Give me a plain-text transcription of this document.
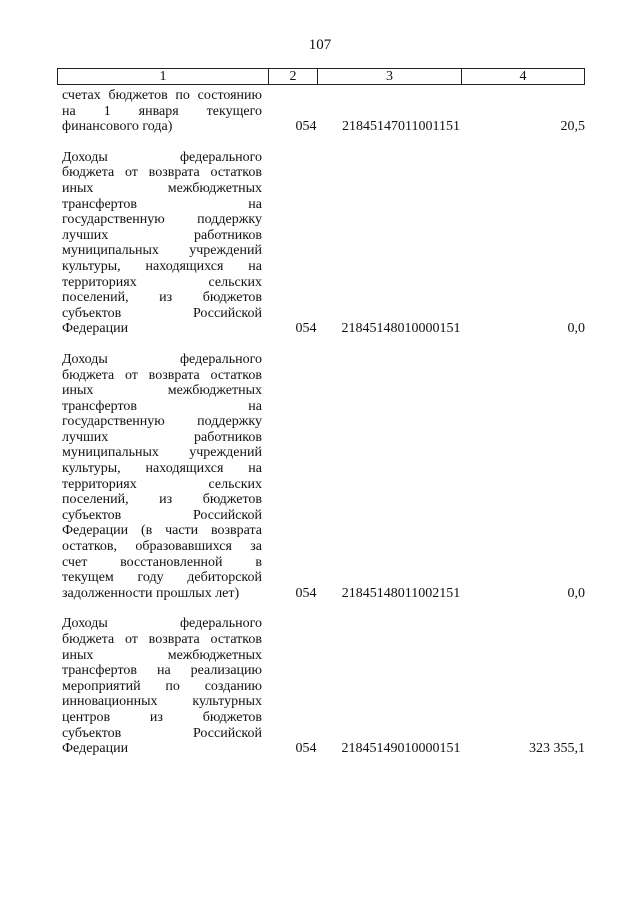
107
1	2	3	4
счетах бюджетов по состоянию
на 1 января текущего
финансового года)	054	21845147011001151	20,5
Доходы федерального
бюджета от возврата остатков
иных межбюджетных
трансфертов на
государственную поддержку
лучших работников
муниципальных учреждений
культуры, находящихся на
территориях сельских
поселений, из бюджетов
субъектов Российской
Федерации	054	21845148010000151	0,0
Доходы федерального
бюджета от возврата остатков
иных межбюджетных
трансфертов на
государственную поддержку
лучших работников
муниципальных учреждений
культуры, находящихся на
территориях сельских
поселений, из бюджетов
субъектов Российской
Федерации (в части возврата
остатков, образовавшихся за
счет восстановленной в
текущем году дебиторской
задолженности прошлых лет)	054	21845148011002151	0,0
Доходы федерального
бюджета от возврата остатков
иных межбюджетных
трансфертов на реализацию
мероприятий по созданию
инновационных культурных
центров из бюджетов
субъектов Российской
Федерации	054	21845149010000151	323 355,1
